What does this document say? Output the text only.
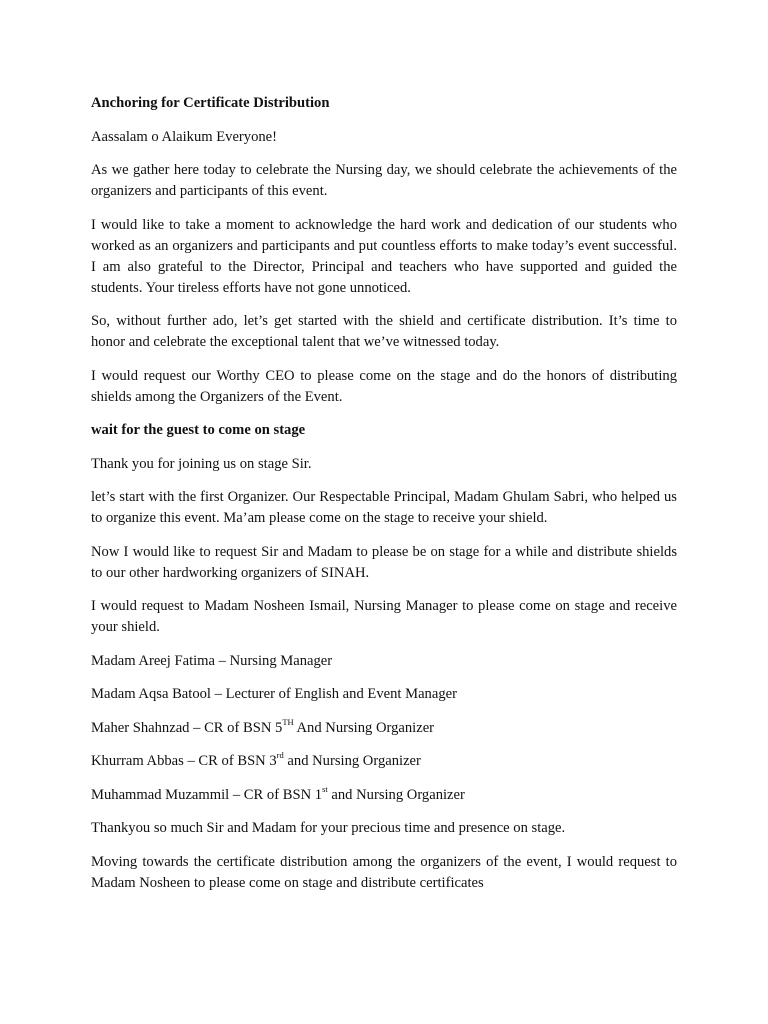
Anchoring for Certificate Distribution

Aassalam o Alaikum Everyone!

As we gather here today to celebrate the Nursing day, we should celebrate the achievements of the organizers and participants of this event.

I would like to take a moment to acknowledge the hard work and dedication of our students who worked as an organizers and participants and put countless efforts to make today’s event successful. I am also grateful to the Director, Principal and teachers who have supported and guided the students. Your tireless efforts have not gone unnoticed.

So, without further ado, let’s get started with the shield and certificate distribution. It’s time to honor and celebrate the exceptional talent that we’ve witnessed today.

I would request our Worthy CEO to please come on the stage and do the honors of distributing shields among the Organizers of the Event.

wait for the guest to come on stage

Thank you for joining us on stage Sir.

let’s start with the first Organizer. Our Respectable Principal, Madam Ghulam Sabri, who helped us to organize this event. Ma’am please come on the stage to receive your shield.

Now I would like to request Sir and Madam to please be on stage for a while and distribute shields to our other hardworking organizers of SINAH.

I would request to Madam Nosheen Ismail, Nursing Manager to please come on stage and receive your shield.

Madam Areej Fatima – Nursing Manager

Madam Aqsa Batool – Lecturer of English and Event Manager

Maher Shahnzad – CR of BSN 5TH And Nursing Organizer

Khurram Abbas – CR of BSN 3rd and Nursing Organizer

Muhammad Muzammil – CR of BSN 1st and Nursing Organizer

Thankyou so much Sir and Madam for your precious time and presence on stage.

Moving towards the certificate distribution among the organizers of the event, I would request to Madam Nosheen to please come on stage and distribute certificates
